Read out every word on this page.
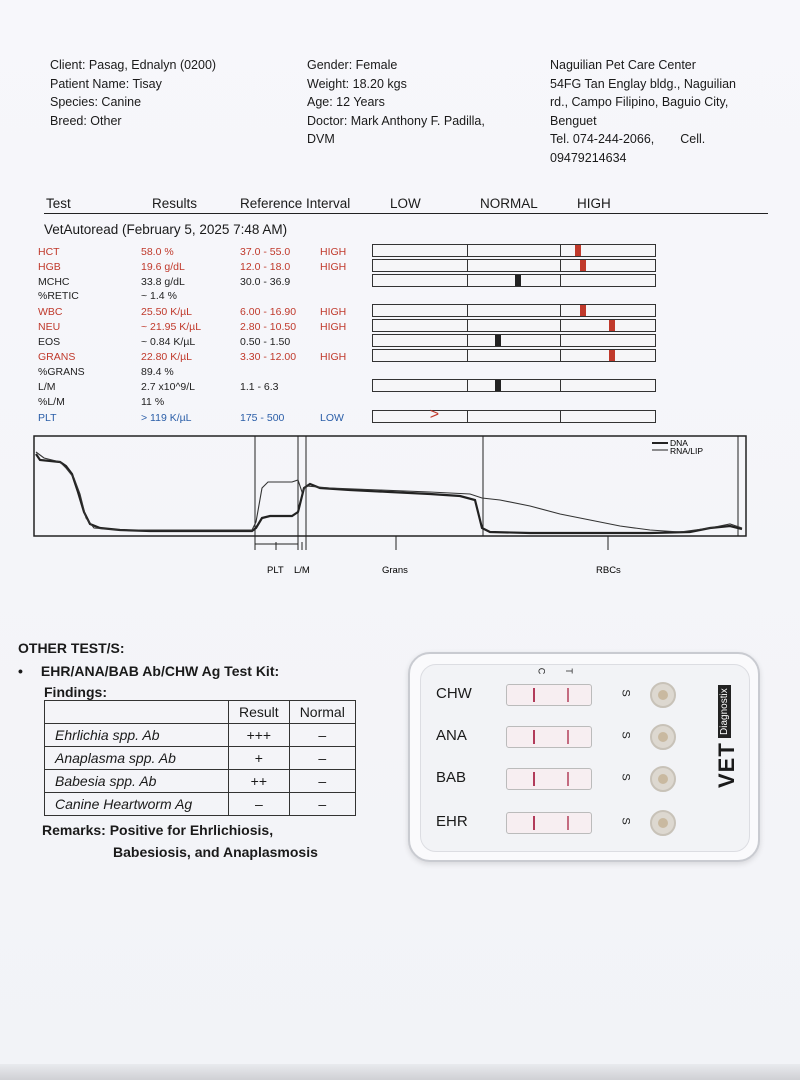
Client: Pasag, Ednalyn (0200)
Patient Name: Tisay
Species: Canine
Breed: Other
Gender: Female
Weight: 18.20 kgs
Age: 12 Years
Doctor: Mark Anthony F. Padilla,
DVM
Naguilian Pet Care Center
54FG Tan Englay bldg., Naguilian
rd., Campo Filipino, Baguio City,
Benguet
Tel. 074-244-2066, Cell.
09479214634
Test	Results	Reference Interval	LOW	NORMAL	HIGH
VetAutoread (February 5, 2025 7:48 AM)
HCT	58.0 %	37.0 - 55.0	HIGH
HGB	19.6 g/dL	12.0 - 18.0	HIGH
MCHC	33.8 g/dL	30.0 - 36.9
%RETIC	~ 1.4 %
WBC	25.50 K/µL	6.00 - 16.90 HIGH
NEU	~ 21.95 K/µL	2.80 - 10.50 HIGH
EOS	~ 0.84 K/µL	0.50 - 1.50
GRANS	22.80 K/µL	3.30 - 12.00 HIGH
%GRANS	89.4 %
L/M	2.7 x10^9/L	1.1 - 6.3
%L/M	11 %
PLT	> 119 K/µL	175 - 500	LOW	>
PLT L/M	Grans	RBCs
DNA
RNA/LIP
OTHER TEST/S:
• EHR/ANA/BAB Ab/CHW Ag Test Kit:
Findings:
	Result	Normal
Ehrlichia spp. Ab	+++	–
Anaplasma spp. Ab	+	–
Babesia spp. Ab	++	–
Canine Heartworm Ag	–	–
Remarks: Positive for Ehrlichiosis,
Babesiosis, and Anaplasmosis
CHW	S
ANA	S
BAB	S
EHR	S
C T
VET
Diagnostix
